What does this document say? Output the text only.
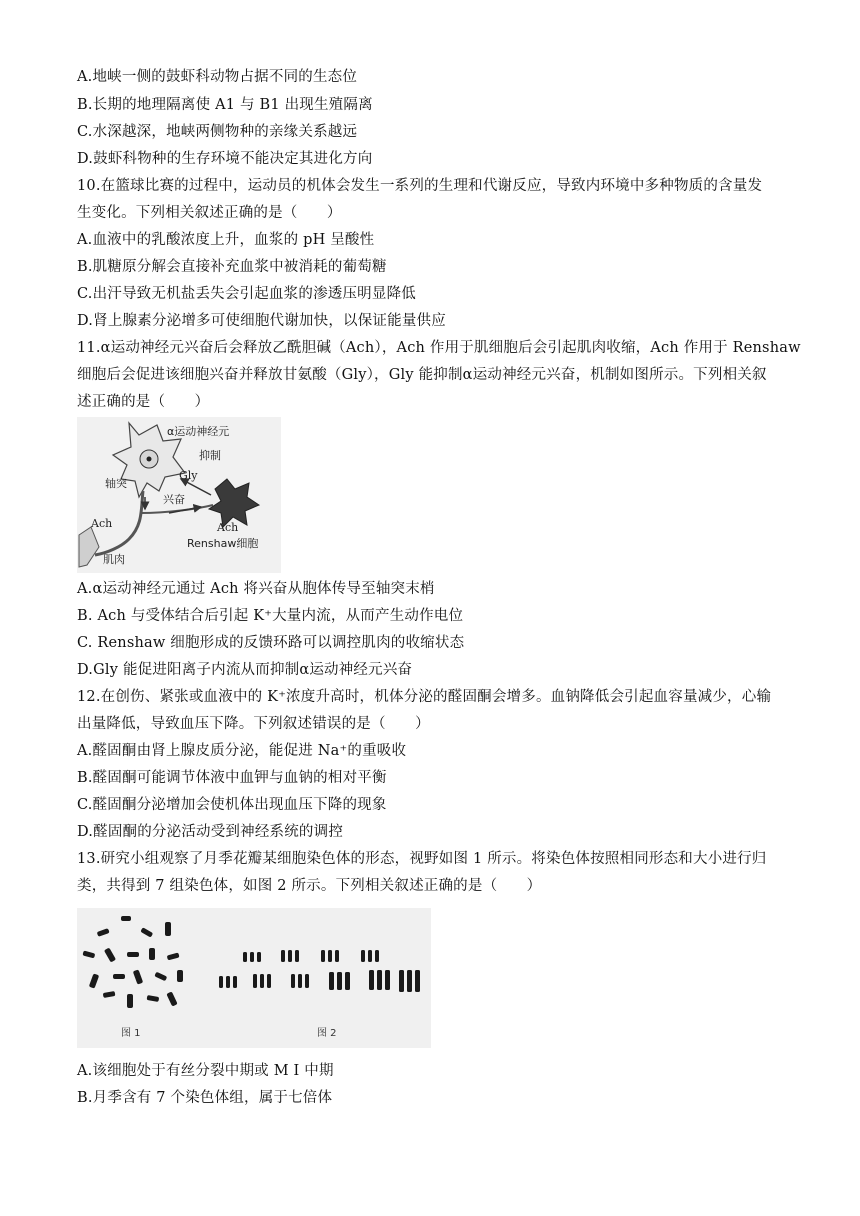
A.地峡一侧的鼓虾科动物占据不同的生态位
B.长期的地理隔离使 A1 与 B1 出现生殖隔离
C.水深越深，地峡两侧物种的亲缘关系越远
D.鼓虾科物种的生存环境不能决定其进化方向
10.在篮球比赛的过程中，运动员的机体会发生一系列的生理和代谢反应，导致内环境中多种物质的含量发
生变化。下列相关叙述正确的是（　　）
A.血液中的乳酸浓度上升，血浆的 pH 呈酸性
B.肌糖原分解会直接补充血浆中被消耗的葡萄糖
C.出汗导致无机盐丢失会引起血浆的渗透压明显降低
D.肾上腺素分泌增多可使细胞代谢加快，以保证能量供应
11.α运动神经元兴奋后会释放乙酰胆碱（Ach），Ach 作用于肌细胞后会引起肌肉收缩，Ach 作用于 Renshaw
细胞后会促进该细胞兴奋并释放甘氨酸（Gly），Gly 能抑制α运动神经元兴奋，机制如图所示。下列相关叙
述正确的是（　　）
α运动神经元
抑制
Gly
轴突
兴奋
Ach	Ach
肌肉
Renshaw细胞
A.α运动神经元通过 Ach 将兴奋从胞体传导至轴突末梢
B. Ach 与受体结合后引起 K⁺大量内流，从而产生动作电位
C. Renshaw 细胞形成的反馈环路可以调控肌肉的收缩状态
D.Gly 能促进阳离子内流从而抑制α运动神经元兴奋
12.在创伤、紧张或血液中的 K⁺浓度升高时，机体分泌的醛固酮会增多。血钠降低会引起血容量减少，心输
出量降低，导致血压下降。下列叙述错误的是（　　）
A.醛固酮由肾上腺皮质分泌，能促进 Na⁺的重吸收
B.醛固酮可能调节体液中血钾与血钠的相对平衡
C.醛固酮分泌增加会使机体出现血压下降的现象
D.醛固酮的分泌活动受到神经系统的调控
13.研究小组观察了月季花瓣某细胞染色体的形态，视野如图 1 所示。将染色体按照相同形态和大小进行归
类，共得到 7 组染色体，如图 2 所示。下列相关叙述正确的是（　　）
图 1	图 2
A.该细胞处于有丝分裂中期或 M Ⅰ 中期
B.月季含有 7 个染色体组，属于七倍体
